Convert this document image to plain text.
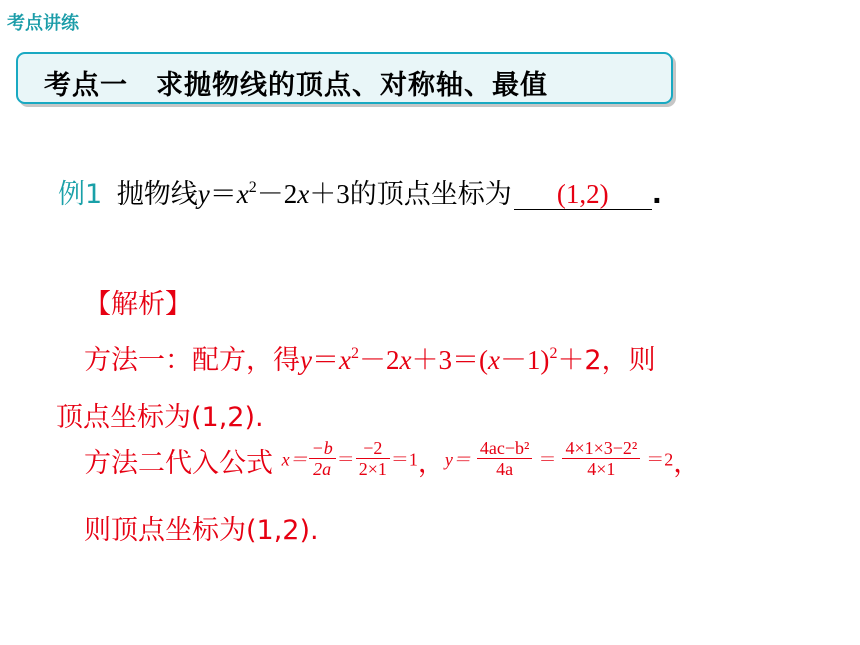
考点讲练
考点一　求抛物线的顶点、对称轴、最值
例1 抛物线$y=x^2-2x+3$的顶点坐标为 (1,2) .
【解析】
方法一：配方，得$y=x^2-2x+3=(x-1)^2+2$，则
顶点坐标为(1,2).
方法二代入公式 $x= \frac{-b}{2a} = \frac{-2}{2\times 1} =1$，$y= \frac{\text{4ac−b²}}{4a} = \frac{\text{4×1×3−2²}}{4\times 1} =2$，
则顶点坐标为(1,2).
